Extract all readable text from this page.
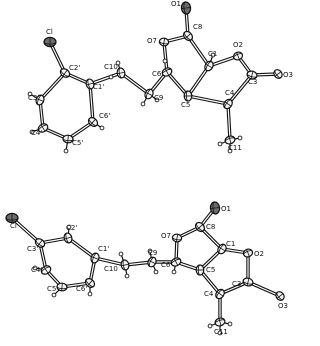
Cl
C2'
C1'
C3'
C4'
C5'
C6'
C10
C9
C6
O7
C8
O1
C1
O2
C3
O3
C5
C4
C11
Cl
C3'
C2'
C1'
C4'
C5'	C6'
C10
C9
C6
O7
C8
O1
C1
O2
C3
O3
C5
C4
C11
